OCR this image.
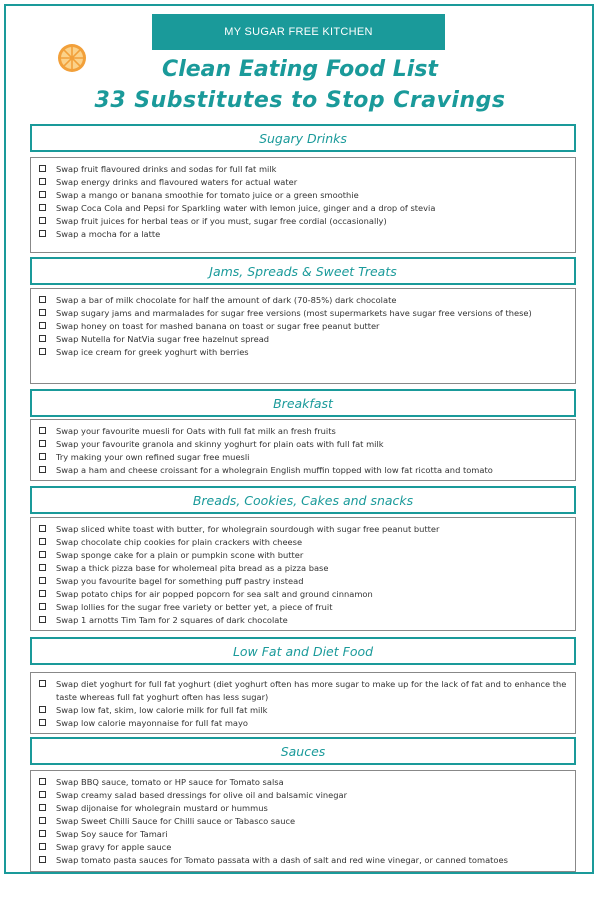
MY SUGAR FREE KITCHEN
Clean Eating Food List
33 Substitutes to Stop Cravings
Sugary Drinks
Swap fruit flavoured drinks and sodas for full fat milk
Swap energy drinks and flavoured waters for actual water
Swap a mango or banana smoothie for tomato juice or a green smoothie
Swap Coca Cola and Pepsi for Sparkling water with lemon juice, ginger and a drop of stevia
Swap fruit juices for herbal teas or if you must, sugar free cordial (occasionally)
Swap a mocha for a latte
Jams, Spreads & Sweet Treats
Swap a bar of milk chocolate for half the amount of dark (70-85%) dark chocolate
Swap sugary jams and marmalades for sugar free versions (most supermarkets have sugar free versions of these)
Swap honey on toast for mashed banana on toast or sugar free peanut butter
Swap Nutella for NatVia sugar free hazelnut spread
Swap ice cream for greek yoghurt with berries
Breakfast
Swap your favourite muesli for Oats with full fat milk an fresh fruits
Swap your favourite granola and skinny yoghurt for plain oats with full fat milk
Try making your own refined sugar free muesli
Swap a ham and cheese croissant for a wholegrain English muffin topped with low fat ricotta and tomato
Breads, Cookies, Cakes and snacks
Swap sliced white toast with butter, for wholegrain sourdough with sugar free peanut butter
Swap chocolate chip cookies for plain crackers with cheese
Swap sponge cake for a plain or pumpkin scone with butter
Swap a thick pizza base for wholemeal pita bread as a pizza base
Swap you favourite bagel for something puff pastry instead
Swap potato chips for air popped popcorn for sea salt and ground cinnamon
Swap lollies for the sugar free variety or better yet, a piece of fruit
Swap 1 arnotts Tim Tam for 2 squares of dark chocolate
Low Fat and Diet Food
Swap diet yoghurt for full fat yoghurt (diet yoghurt often has more sugar to make up for the lack of fat and to enhance the taste whereas full fat yoghurt often has less sugar)
Swap low fat, skim, low calorie milk for full fat milk
Swap low calorie mayonnaise for full fat mayo
Sauces
Swap BBQ sauce, tomato or HP sauce for Tomato salsa
Swap creamy salad based dressings for olive oil and balsamic vinegar
Swap dijonaise for wholegrain mustard or hummus
Swap Sweet Chilli Sauce for Chilli sauce or Tabasco sauce
Swap Soy sauce for Tamari
Swap gravy for apple sauce
Swap tomato pasta sauces for Tomato passata with a dash of salt and red wine vinegar, or canned tomatoes
